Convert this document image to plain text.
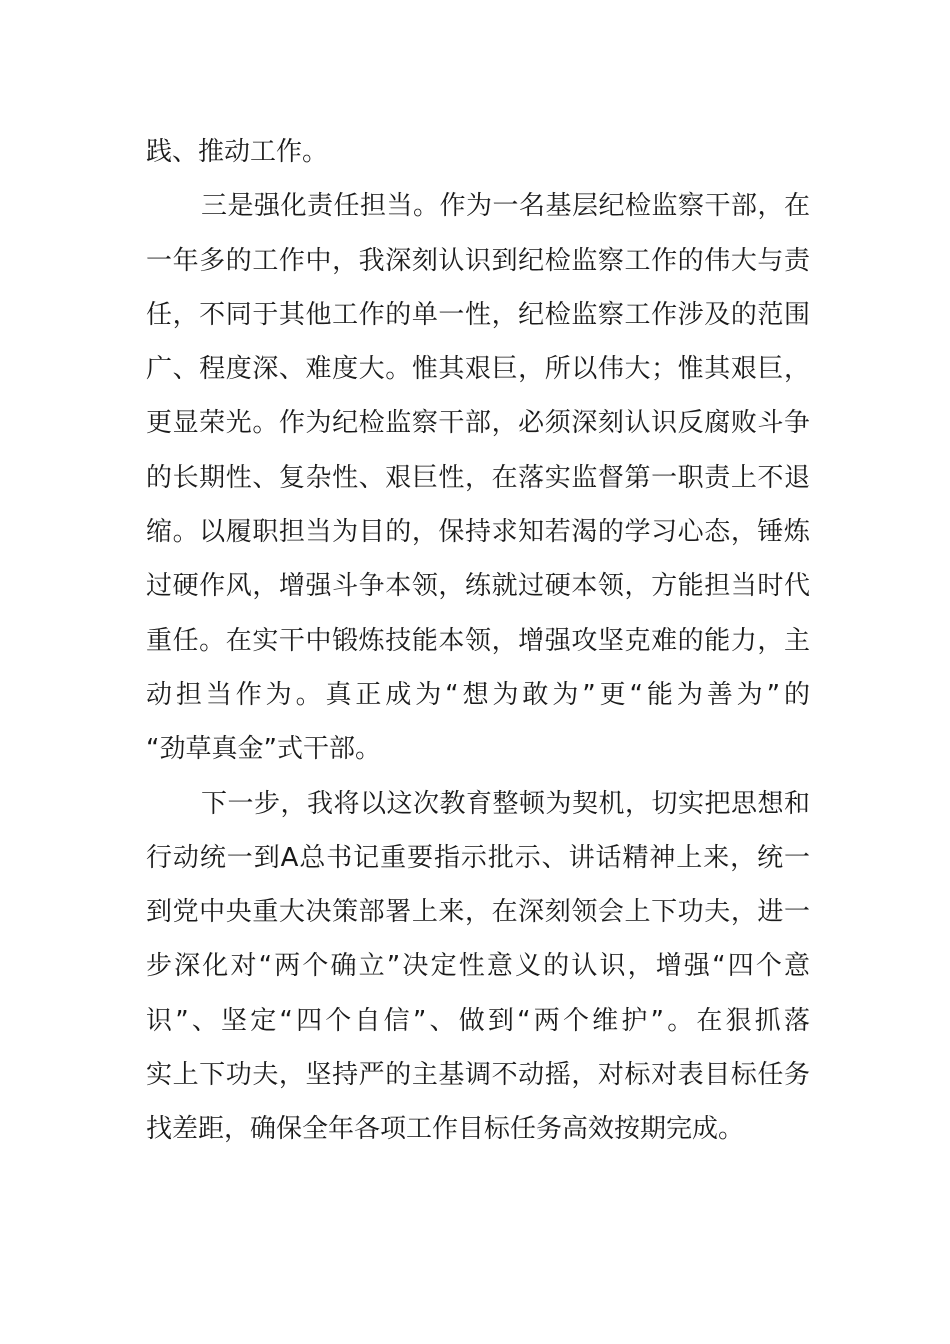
践、推动工作。
三是强化责任担当。作为一名基层纪检监察干部，在
一年多的工作中，我深刻认识到纪检监察工作的伟大与责
任，不同于其他工作的单一性，纪检监察工作涉及的范围
广、程度深、难度大。惟其艰巨，所以伟大；惟其艰巨，
更显荣光。作为纪检监察干部，必须深刻认识反腐败斗争
的长期性、复杂性、艰巨性，在落实监督第一职责上不退
缩。以履职担当为目的，保持求知若渴的学习心态，锤炼
过硬作风，增强斗争本领，练就过硬本领，方能担当时代
重任。在实干中锻炼技能本领，增强攻坚克难的能力，主
动担当作为。真正成为“想为敢为”更“能为善为”的
“劲草真金”式干部。
下一步，我将以这次教育整顿为契机，切实把思想和
行动统一到A总书记重要指示批示、讲话精神上来，统一
到党中央重大决策部署上来，在深刻领会上下功夫，进一
步深化对“两个确立”决定性意义的认识，增强“四个意
识”、坚定“四个自信”、做到“两个维护”。在狠抓落
实上下功夫，坚持严的主基调不动摇，对标对表目标任务
找差距，确保全年各项工作目标任务高效按期完成。
